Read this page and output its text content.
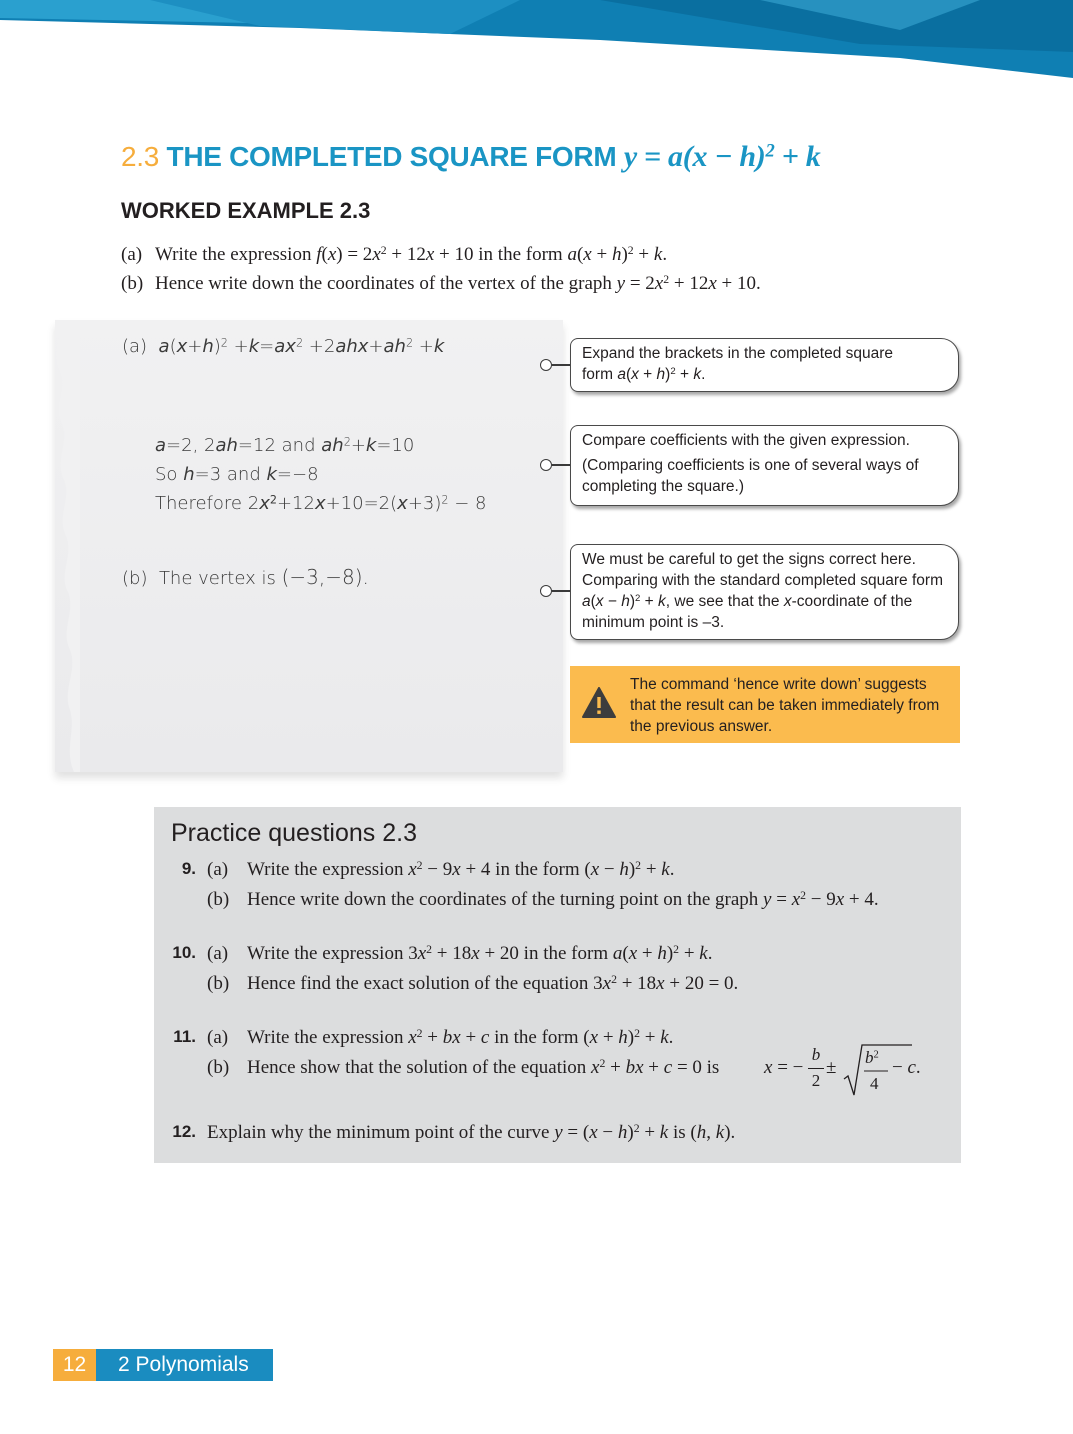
2.3 THE COMPLETED SQUARE FORM $y = a(x - h)^2 + k$
WORKED EXAMPLE 2.3
(a) Write the expression $f(x) = 2x^2 + 12x + 10$ in the form $a(x + h)^2 + k$.
(b) Hence write down the coordinates of the vertex of the graph $y = 2x^2 + 12x + 10$.
(a) $a(x+h)^2 +k=ax^2 +2ahx+ah^2 +k$
a=2, 2ah=12 and $ah^2+k=10$
So h=3 and k=−8
Therefore $2x^2+12x+10=2(x+3)^2 - 8$
(b) The vertex is (−3,−8).
Expand the brackets in the completed square
form $a(x + h)^2 + k$.
Compare coefficients with the given expression.
(Comparing coefficients is one of several ways of completing the square.)
We must be careful to get the signs correct here. Comparing with the standard completed square form $a(x - h)^2 + k$, we see that the x-coordinate of the minimum point is –3.
The command ‘hence write down’ suggests that the result can be taken immediately from the previous answer.
Practice questions 2.3
9. (a) Write the expression $x^2 - 9x + 4$ in the form $(x - h)^2 + k$.
(b) Hence write down the coordinates of the turning point on the graph $y = x^2 - 9x + 4$.
10. (a) Write the expression $3x^2 + 18x + 20$ in the form $a(x + h)^2 + k$.
(b) Hence find the exact solution of the equation $3x^2 + 18x + 20 = 0$.
11. (a) Write the expression $x^2$ + bx + c in the form $(x + h)^2 + k$.
(b) Hence show that the solution of the equation $x^2$ + bx + c = 0 is x = −
b
2
± $b^2$
4
− c.
12. Explain why the minimum point of the curve $y = (x - h)^2 + k$ is (h, k).
12	2 Polynomials
